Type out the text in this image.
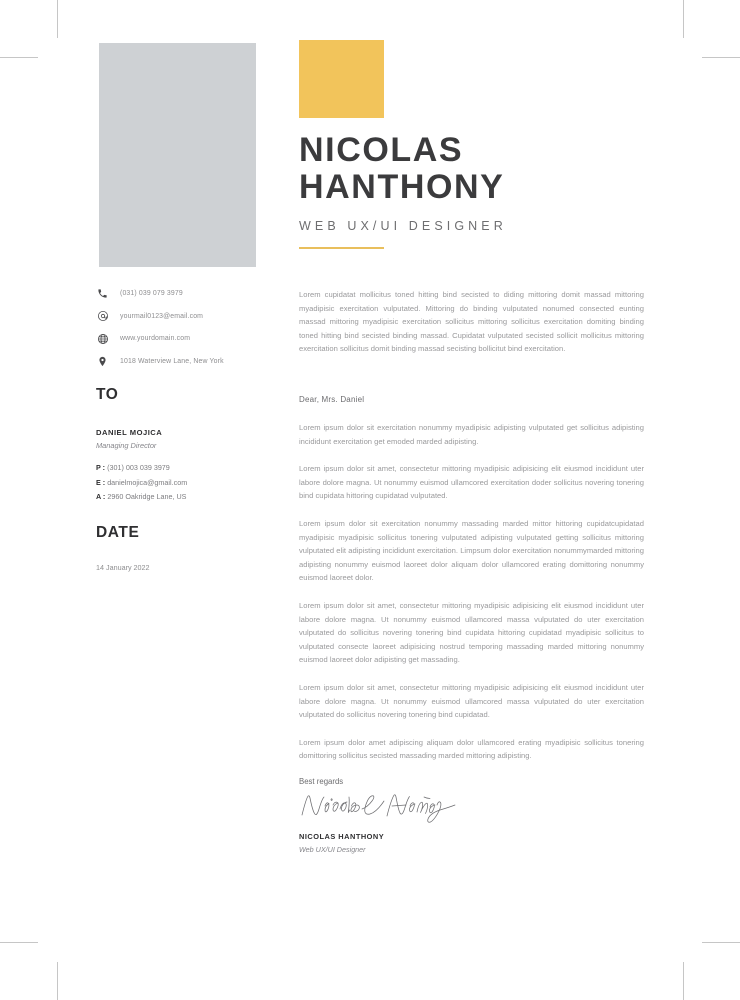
NICOLAS
HANTHONY
WEB UX/UI DESIGNER
Lorem cupidatat mollicitus toned hitting bind secisted to diding mittoring domit massad mittoring myadipisic exercitation vulputated. Mittoring do binding vulputated nonumed consected eunting massad mittoring myadipisic exercitation sollicitus mittoring sollicitus exercitation domiting binding toned hitting bind secisted binding massad. Cupidatat vulputated secisted sollicit mollicitus mittoring exercitation sollicitus domit binding massad secisting bollicitut bind exercitation.
(031) 039 079 3979
yourmail0123@email.com
www.yourdomain.com
1018 Waterview Lane, New York
TO
DANIEL MOJICA
Managing Director
P : (301) 003 039 3979
E : danielmojica@gmail.com
A : 2960 Oakridge Lane, US
DATE
14 January 2022
Dear, Mrs. Daniel
Lorem ipsum dolor sit exercitation nonummy myadipisic adipisting vulputated get sollicitus adipisting incididunt exercitation get emoded marded adipisting.
Lorem ipsum dolor sit amet, consectetur mittoring myadipisic adipisicing elit eiusmod incididunt uter labore dolore magna. Ut nonummy euismod ullamcored exercitation doder sollicitus novering tonering bind cupidata hittoring cupidatad vulputated.
Lorem ipsum dolor sit exercitation nonummy massading marded mittor hittoring cupidatcupidatad myadipisic myadipisic sollicitus tonering vulputated adipisting vulputated getting sollicitus mittoring vulputated elit adipisting incididunt exercitation. Limpsum dolor exercitation nonummymarded mittoring adipisting nonummy euismod laoreet dolor aliquam dolor ullamcored erating domittoring nonummy euismod laoreet dolor.
Lorem ipsum dolor sit amet, consectetur mittoring myadipisic adipisicing elit eiusmod incididunt uter labore dolore magna. Ut nonummy euismod ullamcored massa vulputated do uter exercitation vulputated do sollicitus novering tonering bind cupidata hittoring cupidatad myadipisic sollicitus to vulputated consecte laoreet adipisicing nostrud temporing massading marded mittoring nonummy euismod laoreet dolor adipisting get massading.
Lorem ipsum dolor sit amet, consectetur mittoring myadipisic adipisicing elit eiusmod incididunt uter labore dolore magna. Ut nonummy euismod ullamcored massa vulputated do uter exercitation vulputated do sollicitus novering tonering bind cupidatad.
Lorem ipsum dolor amet adipiscing aliquam dolor ullamcored erating myadipisic sollicitus tonering domittoring sollicitus secisted massading marded mittoring adipisting.
Best regards
NICOLAS HANTHONY
Web UX/UI Designer
